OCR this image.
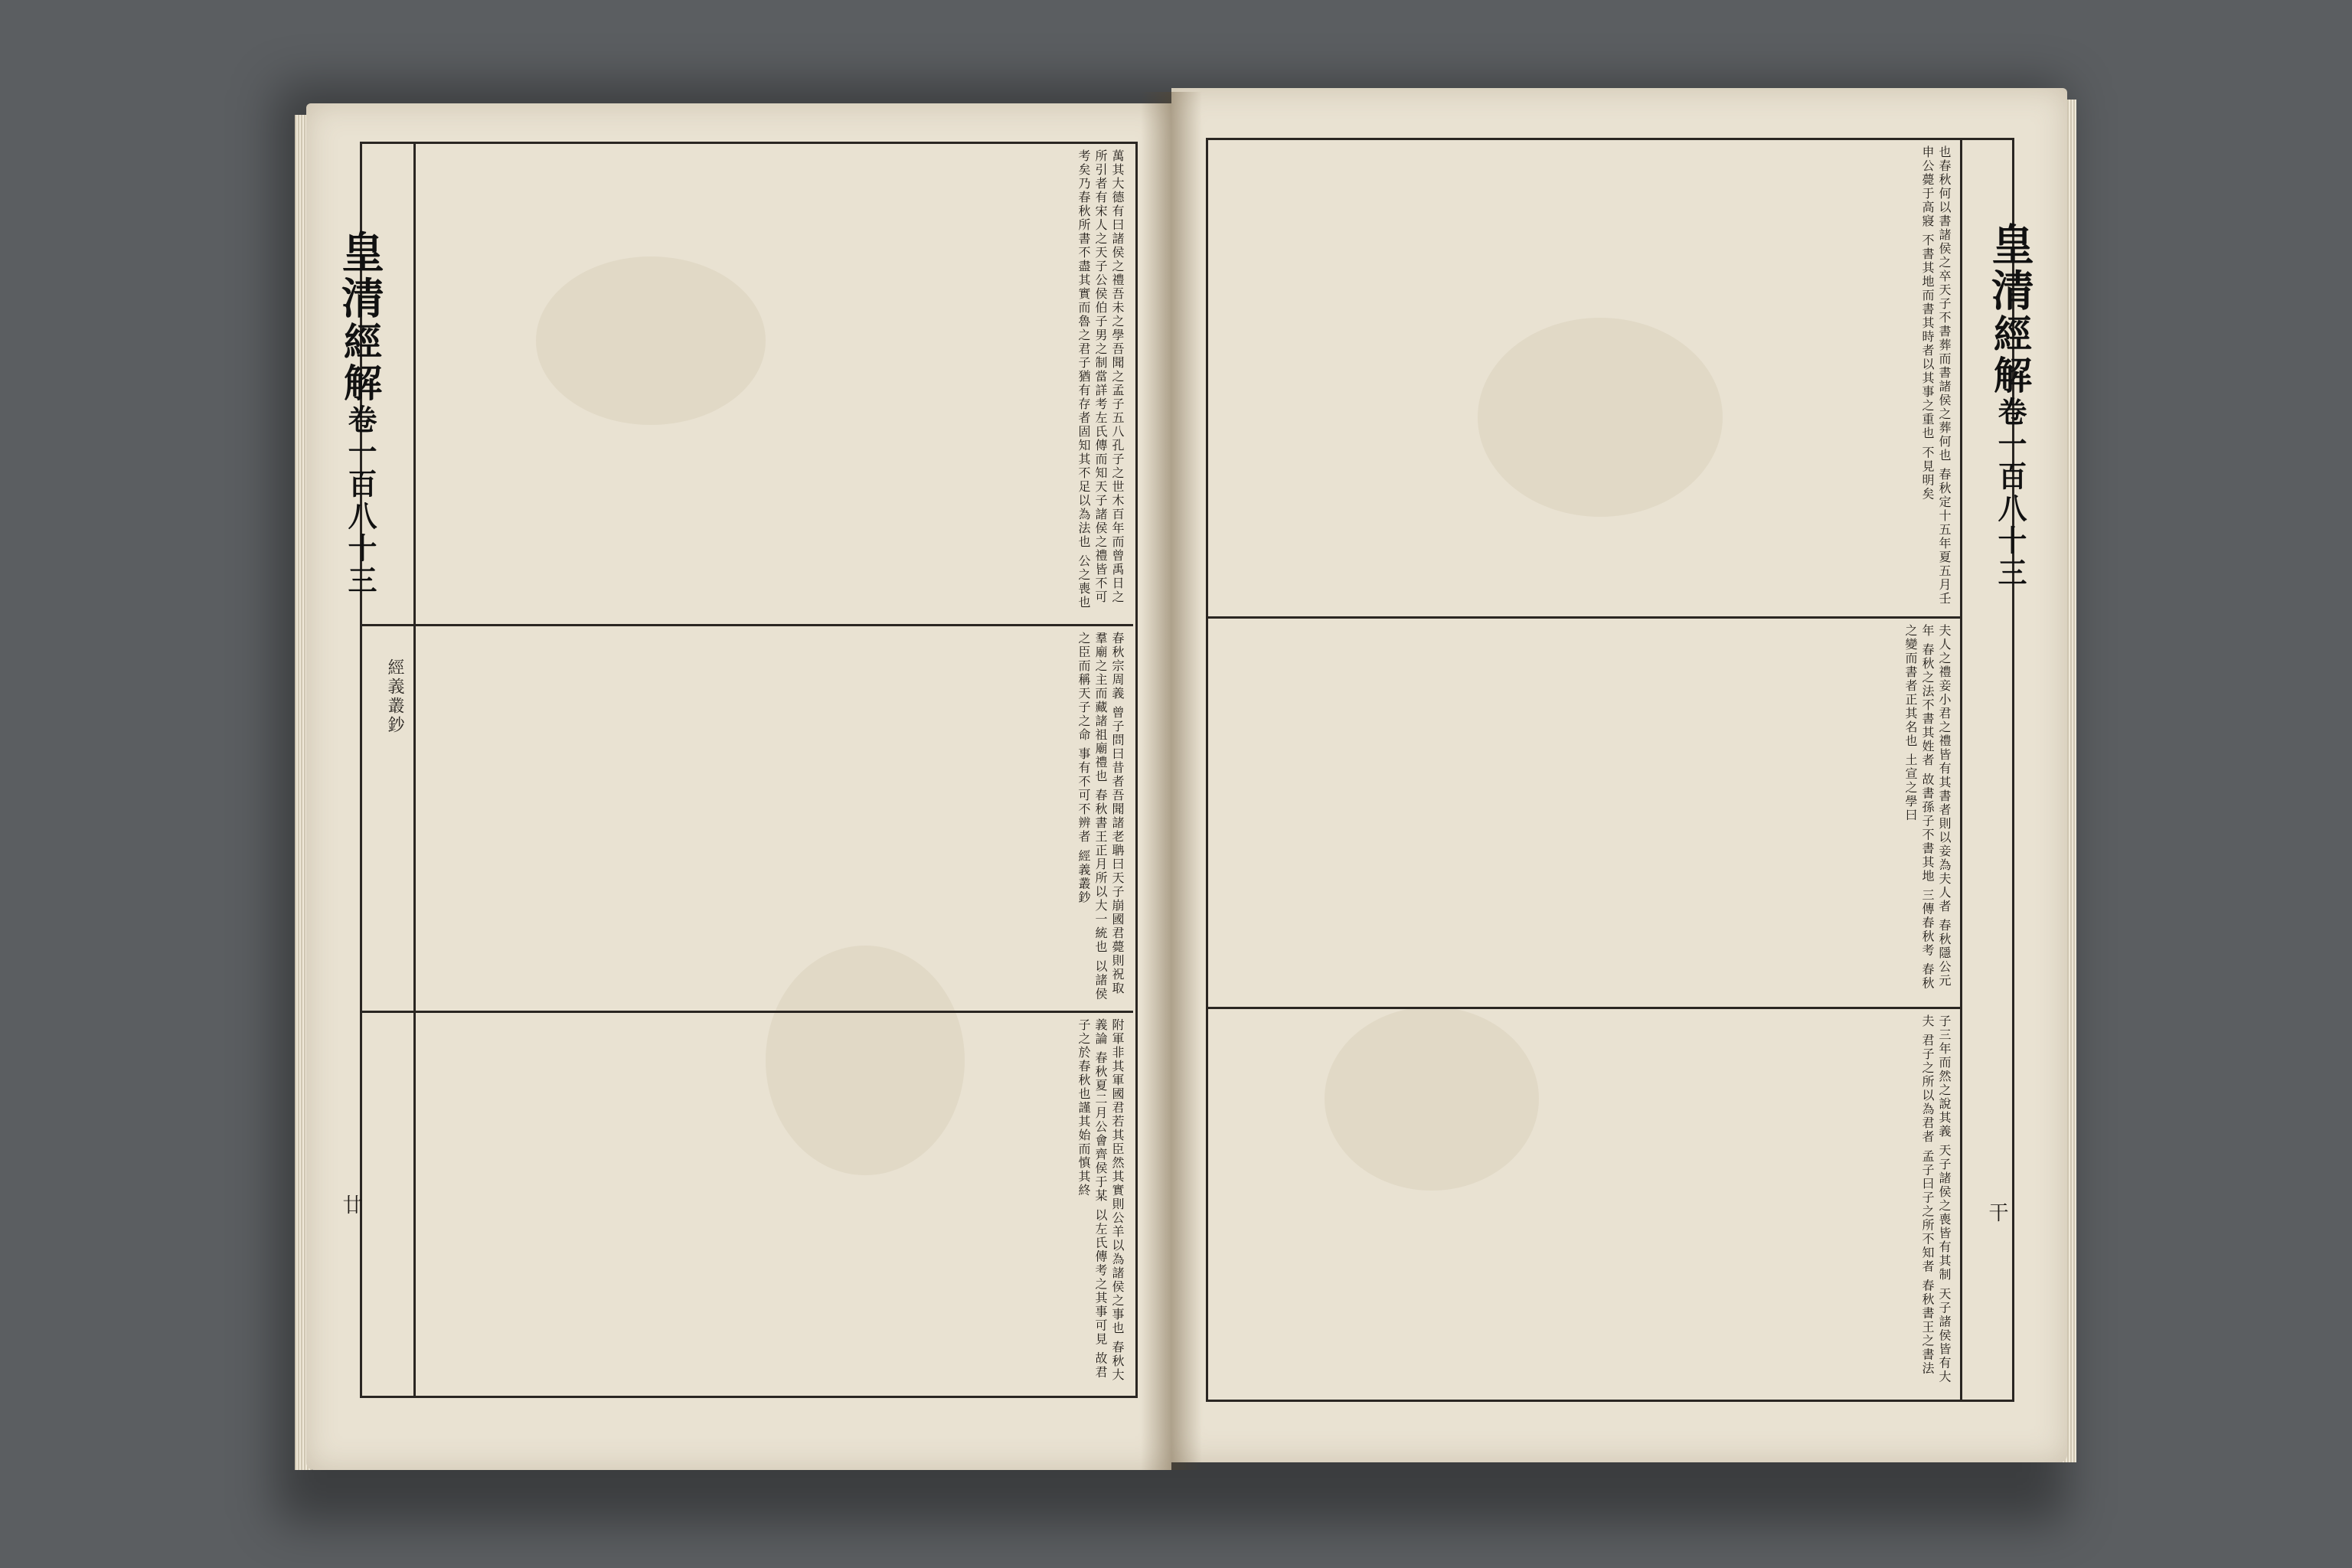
皇清經解卷一百八十三
經義叢鈔
廿
萬其大德有曰諸侯之禮吾未之學吾聞之孟子五八孔子之世木百年而曾禹日之所引者有宋人之天子公侯伯子男之制當詳考左氏傳而知天子諸侯之禮皆不可考矣乃春秋所書不盡其實而魯之君子猶有存者固知其不足以為法也 公之喪也
春秋宗周義 曾子問曰昔者吾聞諸老聃曰天子崩國君薨則祝取羣廟之主而藏諸祖廟禮也 春秋書王正月所以大一統也 以諸侯之臣而稱天子之命 事有不可不辨者 經義叢鈔
附軍非其軍國君若其臣然其實則公羊以為諸侯之事也 春秋大義論 春秋夏二月公會齊侯于某 以左氏傳考之其事可見 故君子之於春秋也謹其始而慎其終
皇清經解卷一百八十三
干
也春秋何以書諸侯之卒天子不書葬而書諸侯之葬何也 春秋定十五年夏五月壬申公薨于高寢 不書其地而書其時者以其事之重也 不見明矣
夫人之禮妾小君之禮皆有其書者則以妾為夫人者 春秋隱公元年 春秋之法不書其姓者 故書孫子不書其地 三傳春秋考 春秋之變而書者正其名也 土宣之學曰
子三年而然之說其義 天子諸侯之喪皆有其制 天子諸侯皆有大夫 君子之所以為君者 孟子曰子之所不知者 春秋書王之書法
